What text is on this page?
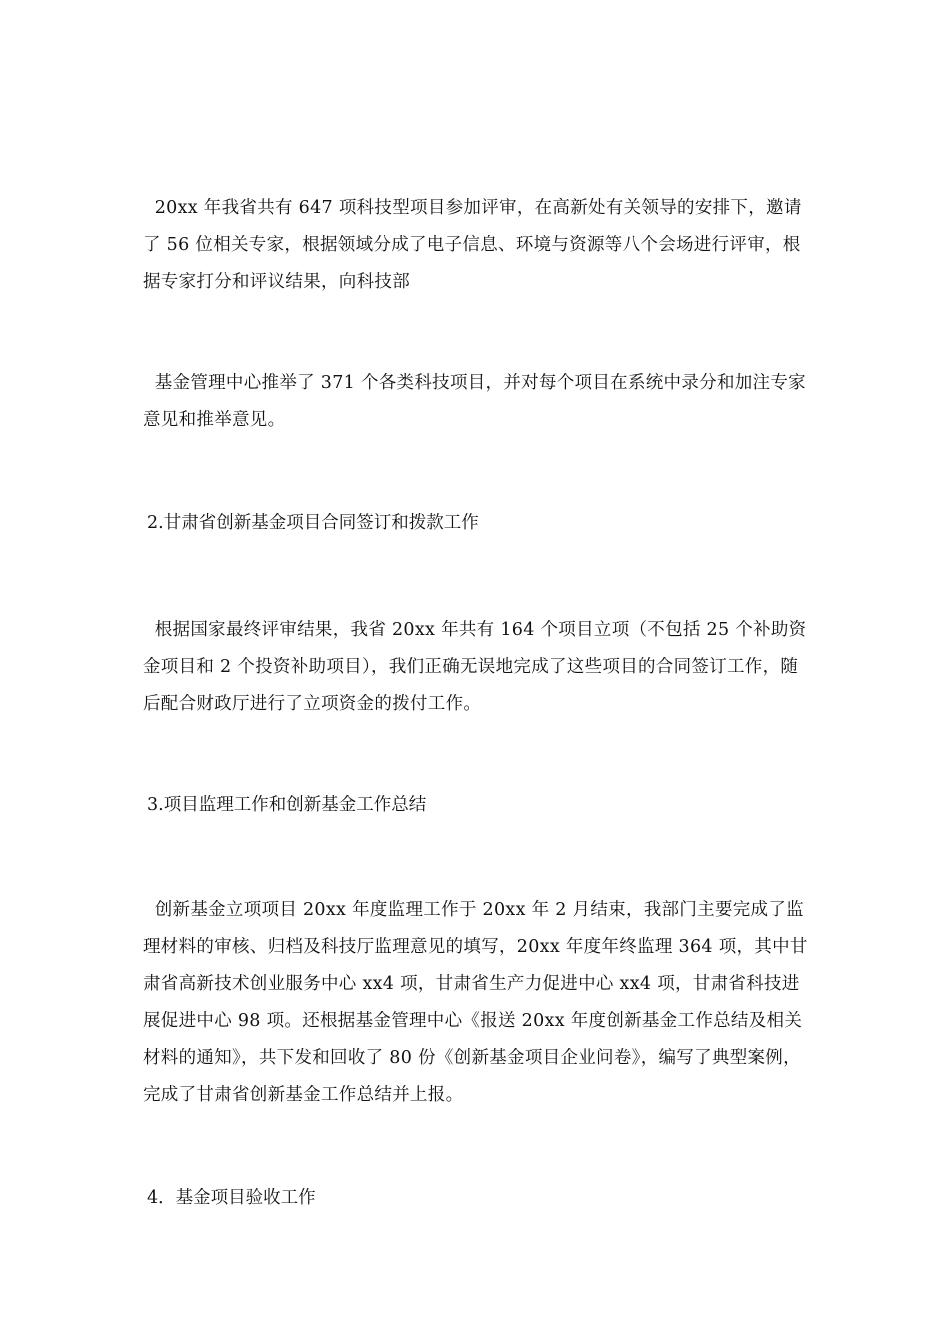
20xx 年我省共有 647 项科技型项目参加评审，在高新处有关领导的安排下，邀请了 56 位相关专家，根据领域分成了电子信息、环境与资源等八个会场进行评审，根据专家打分和评议结果，向科技部
基金管理中心推举了 371 个各类科技项目，并对每个项目在系统中录分和加注专家意见和推举意见。
2.甘肃省创新基金项目合同签订和拨款工作
根据国家最终评审结果，我省 20xx 年共有 164 个项目立项（不包括 25 个补助资金项目和 2 个投资补助项目），我们正确无误地完成了这些项目的合同签订工作，随后配合财政厅进行了立项资金的拨付工作。
3.项目监理工作和创新基金工作总结
创新基金立项项目 20xx 年度监理工作于 20xx 年 2 月结束，我部门主要完成了监理材料的审核、归档及科技厅监理意见的填写，20xx 年度年终监理 364 项，其中甘肃省高新技术创业服务中心 xx4 项，甘肃省生产力促进中心 xx4 项，甘肃省科技进展促进中心 98 项。还根据基金管理中心《报送 20xx 年度创新基金工作总结及相关材料的通知》，共下发和回收了 80 份《创新基金项目企业问卷》，编写了典型案例，完成了甘肃省创新基金工作总结并上报。
4．基金项目验收工作
